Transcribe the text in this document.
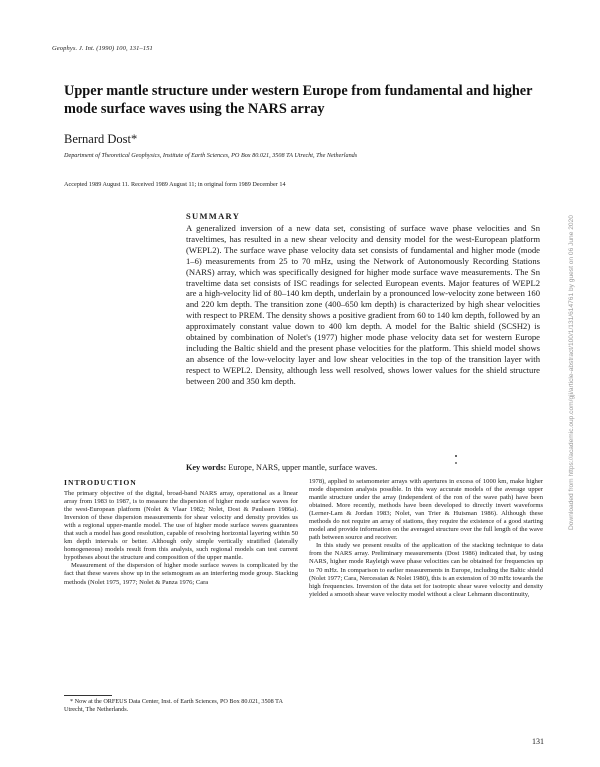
Geophys. J. Int. (1990) 100, 131–151
Upper mantle structure under western Europe from fundamental and higher mode surface waves using the NARS array
Bernard Dost*
Department of Theoretical Geophysics, Institute of Earth Sciences, PO Box 80.021, 3508 TA Utrecht, The Netherlands
Accepted 1989 August 11. Received 1989 August 11; in original form 1989 December 14
SUMMARY

A generalized inversion of a new data set, consisting of surface wave phase velocities and Sn traveltimes, has resulted in a new shear velocity and density model for the west-European platform (WEPL2). The surface wave phase velocity data set consists of fundamental and higher mode (mode 1–6) measurements from 25 to 70 mHz, using the Network of Autonomously Recording Stations (NARS) array, which was specifically designed for higher mode surface wave measurements. The Sn traveltime data set consists of ISC readings for selected European events. Major features of WEPL2 are a high-velocity lid of 80–140 km depth, underlain by a pronounced low-velocity zone between 160 and 220 km depth. The transition zone (400–650 km depth) is characterized by high shear velocities with respect to PREM. The density shows a positive gradient from 60 to 140 km depth, followed by an approximately constant value down to 400 km depth. A model for the Baltic shield (SCSH2) is obtained by combination of Nolet's (1977) higher mode phase velocity data set for western Europe including the Baltic shield and the present phase velocities for the platform. This shield model shows an absence of the low-velocity layer and low shear velocities in the top of the transition layer with respect to WEPL2. Density, although less well resolved, shows lower values for the shield structure between 200 and 350 km depth.

Key words: Europe, NARS, upper mantle, surface waves.
INTRODUCTION

The primary objective of the digital, broad-band NARS array, operational as a linear array from 1983 to 1987, is to measure the dispersion of higher mode surface waves for the west-European platform (Nolet & Vlaar 1982; Nolet, Dost & Paulssen 1986a). Inversion of these dispersion measurements for shear velocity and density provides us with a regional upper-mantle model. The use of higher mode surface waves guarantees that such a model has good resolution, capable of resolving horizontal layering within 50 km depth intervals or better. Although only simple vertically stratified (laterally homogeneous) models result from this analysis, such regional models can test current hypotheses about the structure and composition of the upper mantle.

Measurement of the dispersion of higher mode surface waves is complicated by the fact that these waves show up in the seismogram as an interfering mode group. Stacking methods (Nolet 1975, 1977; Nolet & Panza 1976; Cara

* Now at the ORFEUS Data Center, Inst. of Earth Sciences, PO Box 80.021, 3508 TA Utrecht, The Netherlands.

1978), applied to seismometer arrays with apertures in excess of 1000 km, make higher mode dispersion analysis possible. In this way accurate models of the average upper mantle structure under the array (independent of the ron of the wave path) have been obtained. More recently, methods have been developed to directly invert waveforms (Lerner-Lam & Jordan 1983; Nolet, van Trier & Huisman 1986). Although these methods do not require an array of stations, they require the existence of a good starting model and provide information on the averaged structure over the full length of the wave path between source and receiver.

In this study we present results of the application of the stacking technique to data from the NARS array. Preliminary measurements (Dost 1986) indicated that, by using NARS, higher mode Rayleigh wave phase velocities can be obtained for frequencies up to 70 mHz. In comparison to earlier measurements in Europe, including the Baltic shield (Nolet 1977; Cara, Nercessian & Nolet 1980), this is an extension of 30 mHz towards the high frequencies. Inversion of the data set for isotropic shear wave velocity and density yielded a smooth shear wave velocity model without a clear Lehmann discontinuity,

131
Downloaded from https://academic.oup.com/gji/article-abstract/100/1/131/614761 by guest on 06 June 2020
